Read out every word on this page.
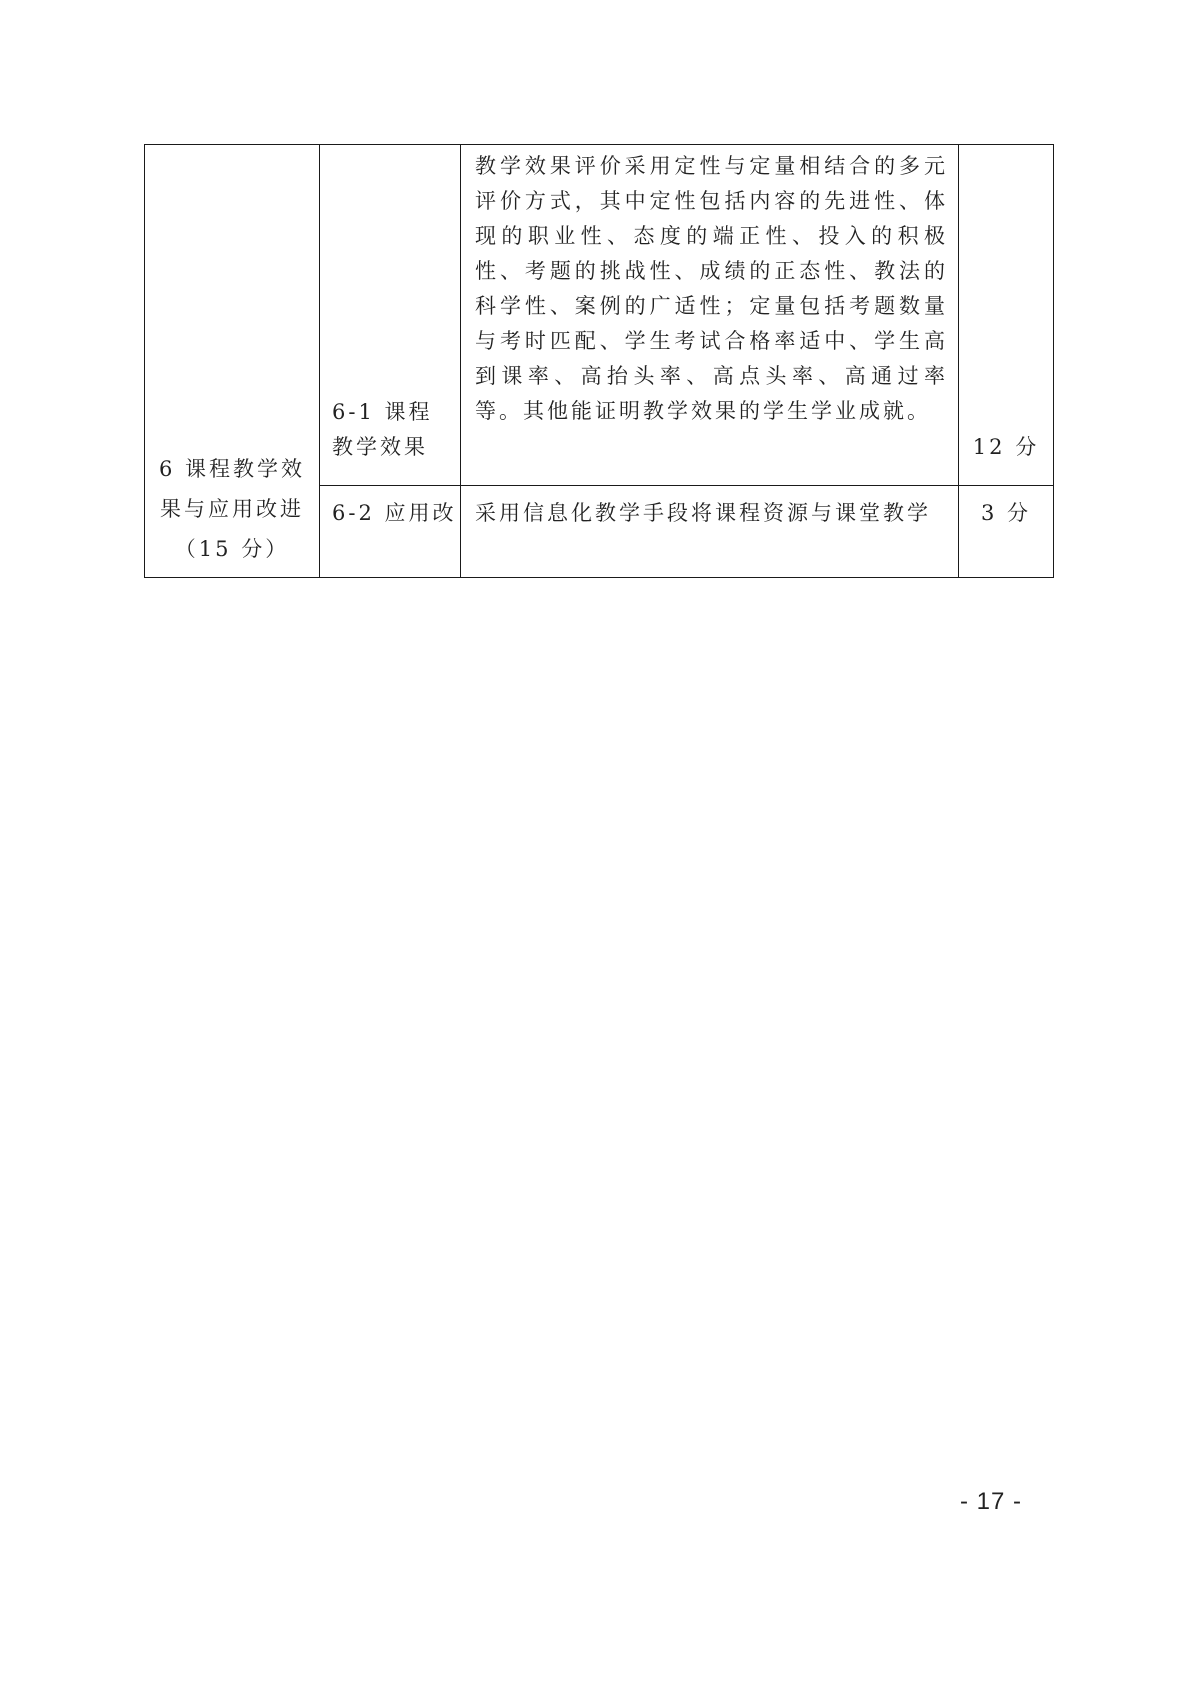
6 课程教学效
果与应用改进
（15 分）	6-1 课程教学效果	教学效果评价采用定性与定量相结合的多元评价方式，其中定性包括内容的先进性、体现的职业性、态度的端正性、投入的积极性、考题的挑战性、成绩的正态性、教法的科学性、案例的广适性；定量包括考题数量与考时匹配、学生考试合格率适中、学生高到课率、高抬头率、高点头率、高通过率等。其他能证明教学效果的学生学业成就。	12 分

	6-2 应用改	采用信息化教学手段将课程资源与课堂教学	3 分
- 17 -
